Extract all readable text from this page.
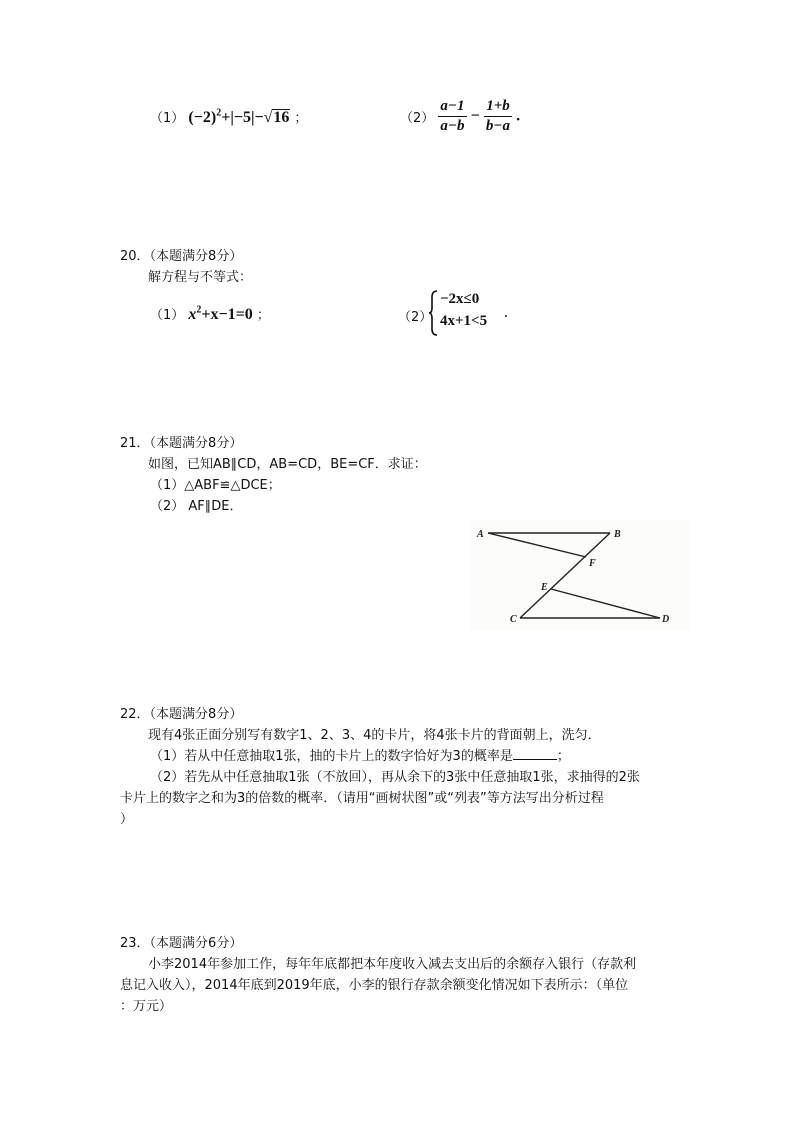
（1） $(-2)^2+|-5|-√16$ ；	$(2) \frac{a-1}{a-b} - \frac{1+b}{b-a}$ .
20．（本题满分8分）
解方程与不等式：
（1） $x^2+x-1=0$ ；	（2）
−2x≤0
4x+1<5 .
21．（本题满分8分）
如图，已知AB∥CD，AB=CD，BE=CF．求证：
（1）△ABF≌△DCE；
（2） AF∥DE．
A	B
C	D
E
F
22．（本题满分8分）
现有4张正面分别写有数字1、2、3、4的卡片，将4张卡片的背面朝上，洗匀．
（1）若从中任意抽取1张，抽的卡片上的数字恰好为3的概率是	；
（2）若先从中任意抽取1张（不放回），再从余下的3张中任意抽取1张，求抽得的2张
卡片上的数字之和为3的倍数的概率．（请用“画树状图”或“列表”等方法写出分析过程
）
23．（本题满分6分）
小李2014年参加工作，每年年底都把本年度收入减去支出后的余额存入银行（存款利
息记入收入），2014年底到2019年底，小李的银行存款余额变化情况如下表所示：（单位
：万元）
